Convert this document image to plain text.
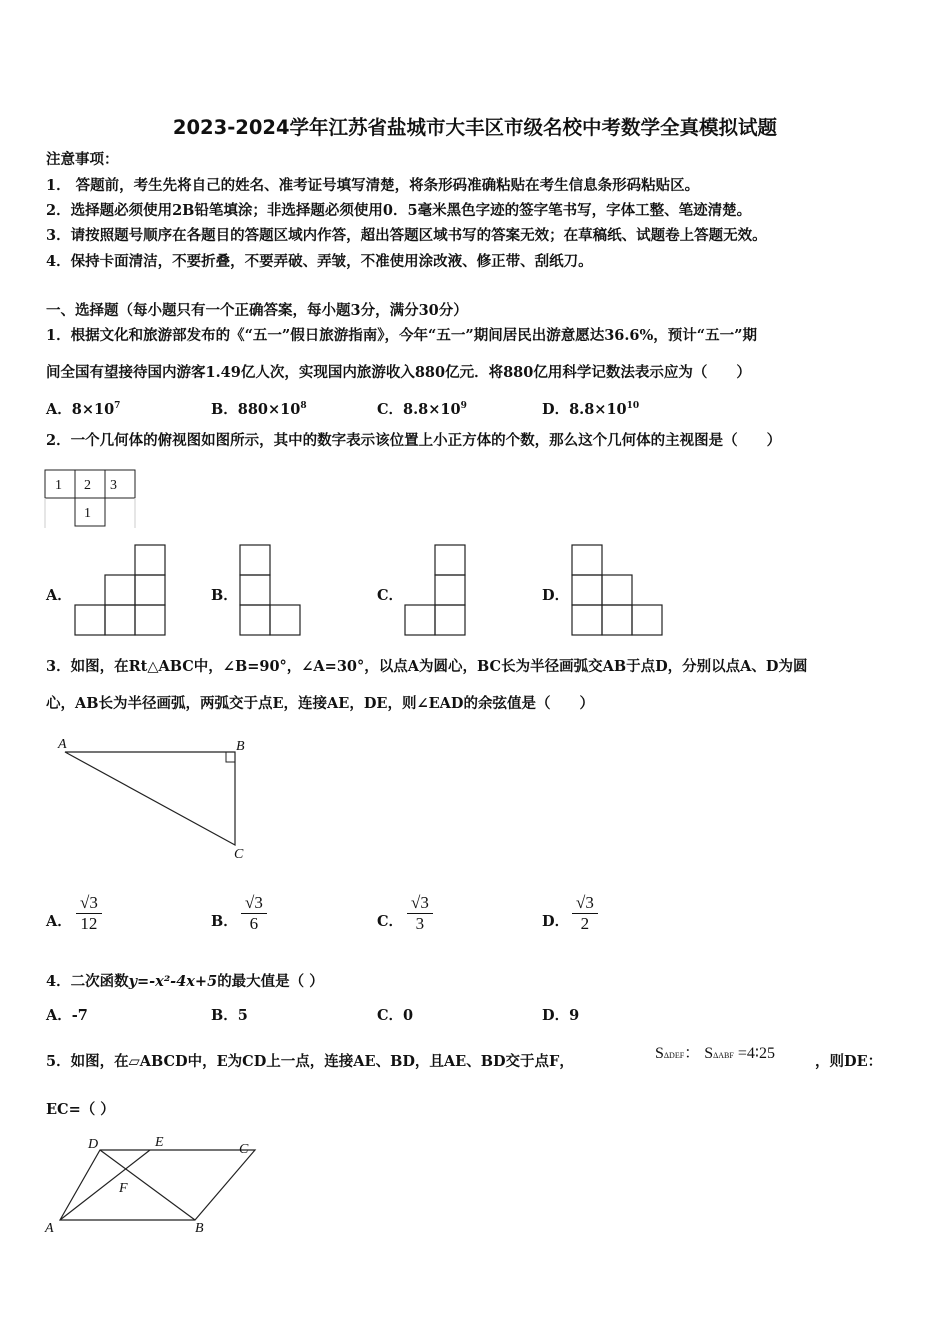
2023-2024学年江苏省盐城市大丰区市级名校中考数学全真模拟试题
注意事项：
1． 答题前，考生先将自己的姓名、准考证号填写清楚，将条形码准确粘贴在考生信息条形码粘贴区。
2．选择题必须使用2B铅笔填涂；非选择题必须使用0．5毫米黑色字迹的签字笔书写，字体工整、笔迹清楚。
3．请按照题号顺序在各题目的答题区域内作答，超出答题区域书写的答案无效；在草稿纸、试题卷上答题无效。
4．保持卡面清洁，不要折叠，不要弄破、弄皱，不准使用涂改液、修正带、刮纸刀。
一、选择题（每小题只有一个正确答案，每小题3分，满分30分）
1．根据文化和旅游部发布的《“五一”假日旅游指南》，今年“五一”期间居民出游意愿达36.6%，预计“五一”期
间全国有望接待国内游客1.49亿人次，实现国内旅游收入880亿元．将880亿用科学记数法表示应为（　　）
A．$8\times 10^7$	B．$880\times 10^8$	C．$8.8\times 10^9$	D．$8.8\times 10^{10}$
2．一个几何体的俯视图如图所示，其中的数字表示该位置上小正方体的个数，那么这个几何体的主视图是（　　）
1 2 3
1
A	B
C
D	E	C
F
A	B
A．	B．	C．	D．
3．如图，在Rt△ABC中，∠B=90°，∠A=30°，以点A为圆心，BC长为半径画弧交AB于点D，分别以点A、D为圆
心，AB长为半径画弧，两弧交于点E，连接AE，DE，则∠EAD的余弦值是（　　）
A． $\frac{√3}{12}$	B． $\frac{√3}{6}$	C． $\frac{√3}{3}$	D． $\frac{√3}{2}$
4．二次函数y=-x²-4x+5的最大值是（ ）
A．-7	B．5	C．0	D．9
5．如图，在▱ABCD中，E为CD上一点，连接AE、BD，且AE、BD交于点F，	SΔDEF： SΔABF =4∶25	，则DE：
EC=（ ）
